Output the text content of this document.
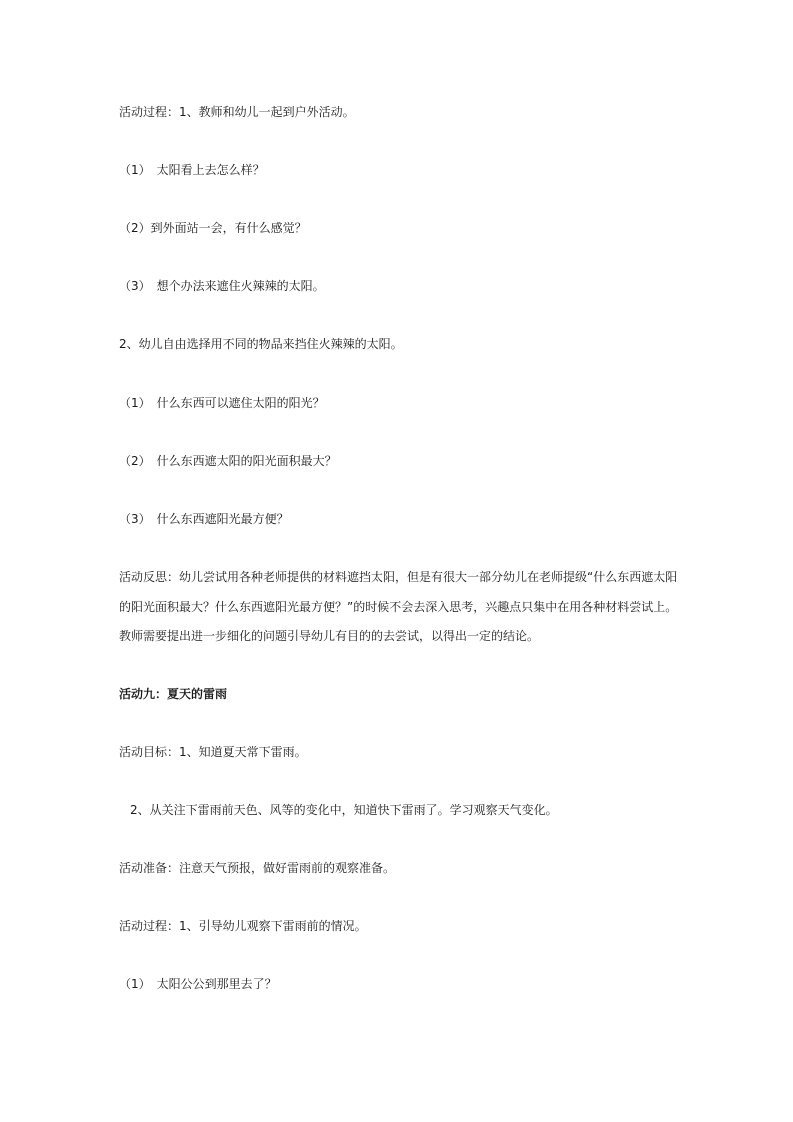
活动过程：1、教师和幼儿一起到户外活动。

（1）　太阳看上去怎么样？

（2）到外面站一会，有什么感觉？

（3）　想个办法来遮住火辣辣的太阳。

2、幼儿自由选择用不同的物品来挡住火辣辣的太阳。

（1）　什么东西可以遮住太阳的阳光？

（2）　什么东西遮太阳的阳光面积最大？

（3）　什么东西遮阳光最方便？

活动反思：幼儿尝试用各种老师提供的材料遮挡太阳，但是有很大一部分幼儿在老师提级“什么东西遮太阳

的阳光面积最大？什么东西遮阳光最方便？”的时候不会去深入思考，兴趣点只集中在用各种材料尝试上。

教师需要提出进一步细化的问题引导幼儿有目的的去尝试，以得出一定的结论。

活动九：夏天的雷雨

活动目标：1、知道夏天常下雷雨。

2、从关注下雷雨前天色、风等的变化中，知道快下雷雨了。学习观察天气变化。

活动准备：注意天气预报，做好雷雨前的观察准备。

活动过程：1、引导幼儿观察下雷雨前的情况。

（1）　太阳公公到那里去了？
